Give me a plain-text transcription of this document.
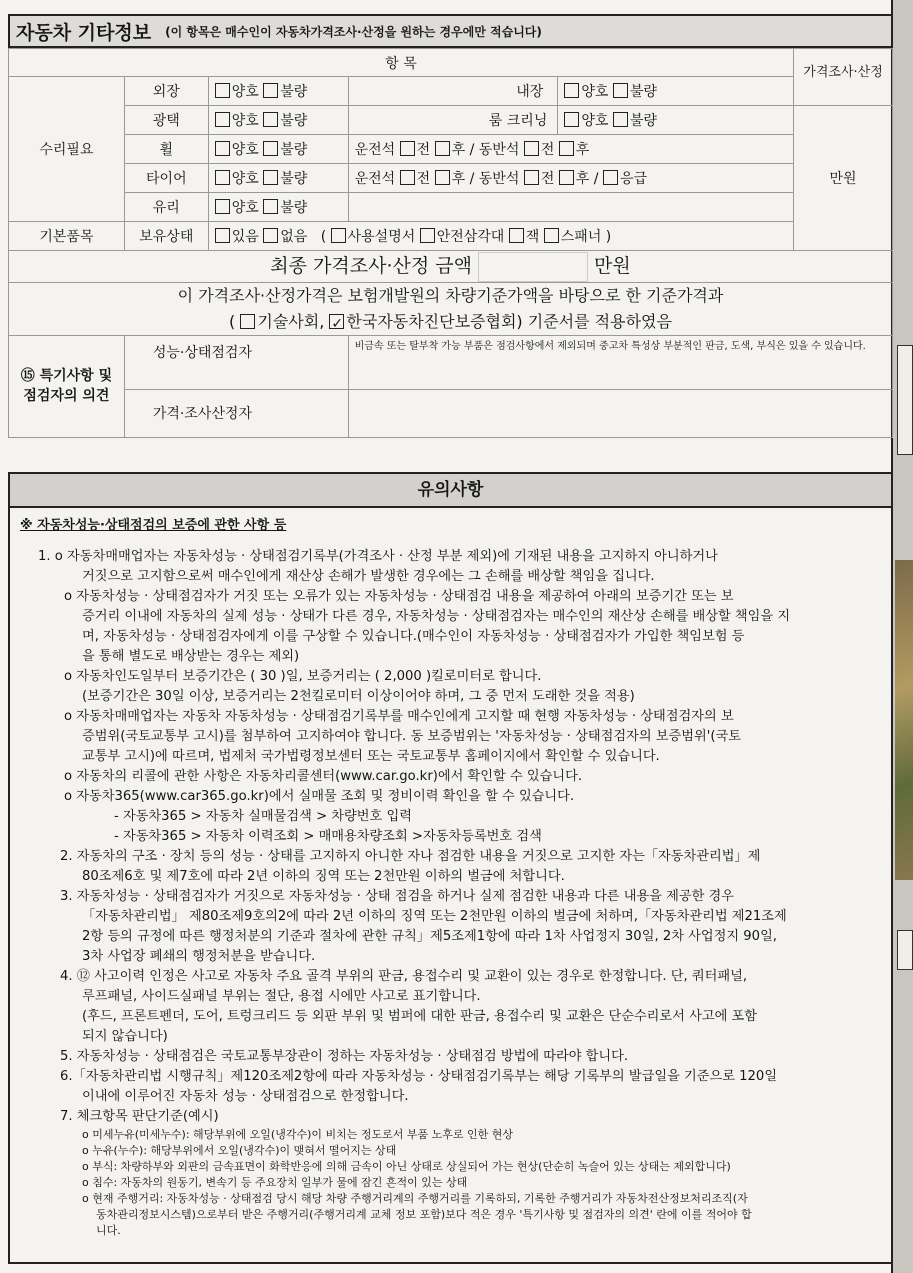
자동차 기타정보 (이 항목은 매수인이 자동차가격조사·산정을 원하는 경우에만 적습니다)
항 목					가격조사·산정
수리필요	외장	양호 불량	내장	양호 불량	
	광택	양호 불량	룸 크리닝	양호 불량	만원
	휠	양호 불량	운전석 전 후 / 동반석 전 후		
	타이어	양호 불량	운전석 전 후 / 동반석 전 후 / 응급		
	유리	양호 불량			
기본품목	보유상태	있음 없음 ( 사용설명서 안전삼각대 잭 스패너 )			
최종 가격조사·산정 금액 만원					

이 가격조사·산정가격은 보험개발원의 차량기준가액을 바탕으로 한 기준가격과
( 기술사회, ✓ 한국자동차진단보증협회) 기준서를 적용하였음

⑮ 특기사항 및
점검자의 의견	성능·상태점검자		비금속 또는 탈부착 가능 부품은 점검사항에서 제외되며 중고차 특성상 부분적인 판금, 도색, 부식은 있을 수 있습니다.		
	가격·조사산정자				
유의사항
※ 자동차성능·상태점검의 보증에 관한 사항 등
1. ο 자동차매매업자는 자동차성능 · 상태점검기록부(가격조사 · 산정 부분 제외)에 기재된 내용을 고지하지 아니하거나
거짓으로 고지함으로써 매수인에게 재산상 손해가 발생한 경우에는 그 손해를 배상할 책임을 집니다.
ο 자동차성능 · 상태점검자가 거짓 또는 오류가 있는 자동차성능 · 상태점검 내용을 제공하여 아래의 보증기간 또는 보
증거리 이내에 자동차의 실제 성능 · 상태가 다른 경우, 자동차성능 · 상태점검자는 매수인의 재산상 손해를 배상할 책임을 지
며, 자동차성능 · 상태점검자에게 이를 구상할 수 있습니다.(매수인이 자동차성능 · 상태점검자가 가입한 책임보험 등
을 통해 별도로 배상받는 경우는 제외)
ο 자동차인도일부터 보증기간은 ( 30 )일, 보증거리는 ( 2,000 )킬로미터로 합니다.
(보증기간은 30일 이상, 보증거리는 2천킬로미터 이상이어야 하며, 그 중 먼저 도래한 것을 적용)
ο 자동차매매업자는 자동차 자동차성능 · 상태점검기록부를 매수인에게 고지할 때 현행 자동차성능 · 상태점검자의 보
증범위(국토교통부 고시)를 첨부하여 고지하여야 합니다. 동 보증범위는 '자동차성능 · 상태점검자의 보증범위'(국토
교통부 고시)에 따르며, 법제처 국가법령정보센터 또는 국토교통부 홈페이지에서 확인할 수 있습니다.
ο 자동차의 리콜에 관한 사항은 자동차리콜센터(www.car.go.kr)에서 확인할 수 있습니다.
ο 자동차365(www.car365.go.kr)에서 실매물 조회 및 정비이력 확인을 할 수 있습니다.
- 자동차365 > 자동차 실매물검색 > 차량번호 입력
- 자동차365 > 자동차 이력조회 > 매매용차량조회 >자동차등록번호 검색
2. 자동차의 구조 · 장치 등의 성능 · 상태를 고지하지 아니한 자나 점검한 내용을 거짓으로 고지한 자는「자동차관리법」제
80조제6호 및 제7호에 따라 2년 이하의 징역 또는 2천만원 이하의 벌금에 처합니다.
3. 자동차성능 · 상태점검자가 거짓으로 자동차성능 · 상태 점검을 하거나 실제 점검한 내용과 다른 내용을 제공한 경우
「자동차관리법」 제80조제9호의2에 따라 2년 이하의 징역 또는 2천만원 이하의 벌금에 처하며,「자동차관리법 제21조제
2항 등의 규정에 따른 행정처분의 기준과 절차에 관한 규칙」제5조제1항에 따라 1차 사업정지 30일, 2차 사업정지 90일,
3차 사업장 폐쇄의 행정처분을 받습니다.
4. ⑫ 사고이력 인정은 사고로 자동차 주요 골격 부위의 판금, 용접수리 및 교환이 있는 경우로 한정합니다. 단, 쿼터패널,
루프패널, 사이드실패널 부위는 절단, 용접 시에만 사고로 표기합니다.
(후드, 프론트펜더, 도어, 트렁크리드 등 외판 부위 및 범퍼에 대한 판금, 용접수리 및 교환은 단순수리로서 사고에 포함
되지 않습니다)
5. 자동차성능 · 상태점검은 국토교통부장관이 정하는 자동차성능 · 상태점검 방법에 따라야 합니다.
6.「자동차관리법 시행규칙」제120조제2항에 따라 자동차성능 · 상태점검기록부는 해당 기록부의 발급일을 기준으로 120일
이내에 이루어진 자동차 성능 · 상태점검으로 한정합니다.
7. 체크항목 판단기준(예시)
ο 미세누유(미세누수): 해당부위에 오일(냉각수)이 비치는 정도로서 부품 노후로 인한 현상
ο 누유(누수): 해당부위에서 오일(냉각수)이 맺혀서 떨어지는 상태
ο 부식: 차량하부와 외판의 금속표면이 화학반응에 의해 금속이 아닌 상태로 상실되어 가는 현상(단순히 녹슬어 있는 상태는 제외합니다)
ο 침수: 자동차의 원동기, 변속기 등 주요장치 일부가 물에 잠긴 흔적이 있는 상태
ο 현재 주행거리: 자동차성능 · 상태점검 당시 해당 차량 주행거리계의 주행거리를 기록하되, 기록한 주행거리가 자동차전산정보처리조직(자
동차관리정보시스템)으로부터 받은 주행거리(주행거리계 교체 정보 포함)보다 적은 경우 '특기사항 및 점검자의 의견' 란에 이를 적어야 합
니다.
